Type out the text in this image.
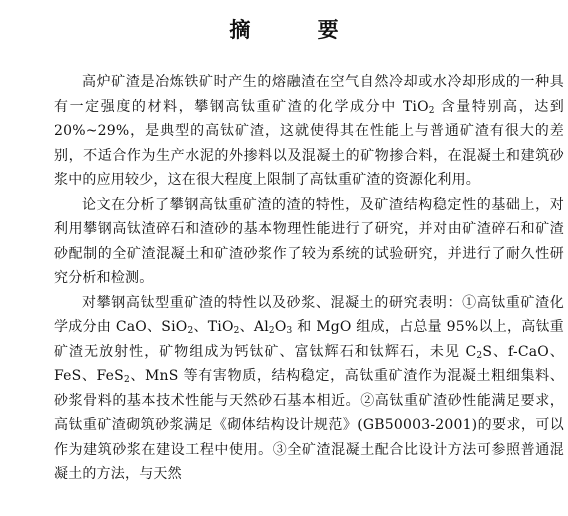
摘 要

高炉矿渣是冶炼铁矿时产生的熔融渣在空气自然冷却或水冷却形成的一种具有一定强度的材料，攀钢高钛重矿渣的化学成分中 TiO$_2$ 含量特别高，达到20%~29%，是典型的高钛矿渣，这就使得其在性能上与普通矿渣有很大的差别，不适合作为生产水泥的外掺料以及混凝土的矿物掺合料，在混凝土和建筑砂浆中的应用较少，这在很大程度上限制了高钛重矿渣的资源化利用。

论文在分析了攀钢高钛重矿渣的渣的特性，及矿渣结构稳定性的基础上，对利用攀钢高钛渣碎石和渣砂的基本物理性能进行了研究，并对由矿渣碎石和矿渣砂配制的全矿渣混凝土和矿渣砂浆作了较为系统的试验研究，并进行了耐久性研究分析和检测。

对攀钢高钛型重矿渣的特性以及砂浆、混凝土的研究表明：①高钛重矿渣化学成分由 CaO、SiO$_2$、TiO$_2$、$Al_2O_3$ 和 MgO 组成，占总量 95%以上，高钛重矿渣无放射性，矿物组成为钙钛矿、富钛辉石和钛辉石，未见 $C_2S$、f-CaO、FeS、FeS$_2$、MnS 等有害物质，结构稳定，高钛重矿渣作为混凝土粗细集料、砂浆骨料的基本技术性能与天然砂石基本相近。②高钛重矿渣砂性能满足要求，高钛重矿渣砌筑砂浆满足《砌体结构设计规范》(GB50003-2001)的要求，可以作为建筑砂浆在建设工程中使用。③全矿渣混凝土配合比设计方法可参照普通混凝土的方法，与天然
